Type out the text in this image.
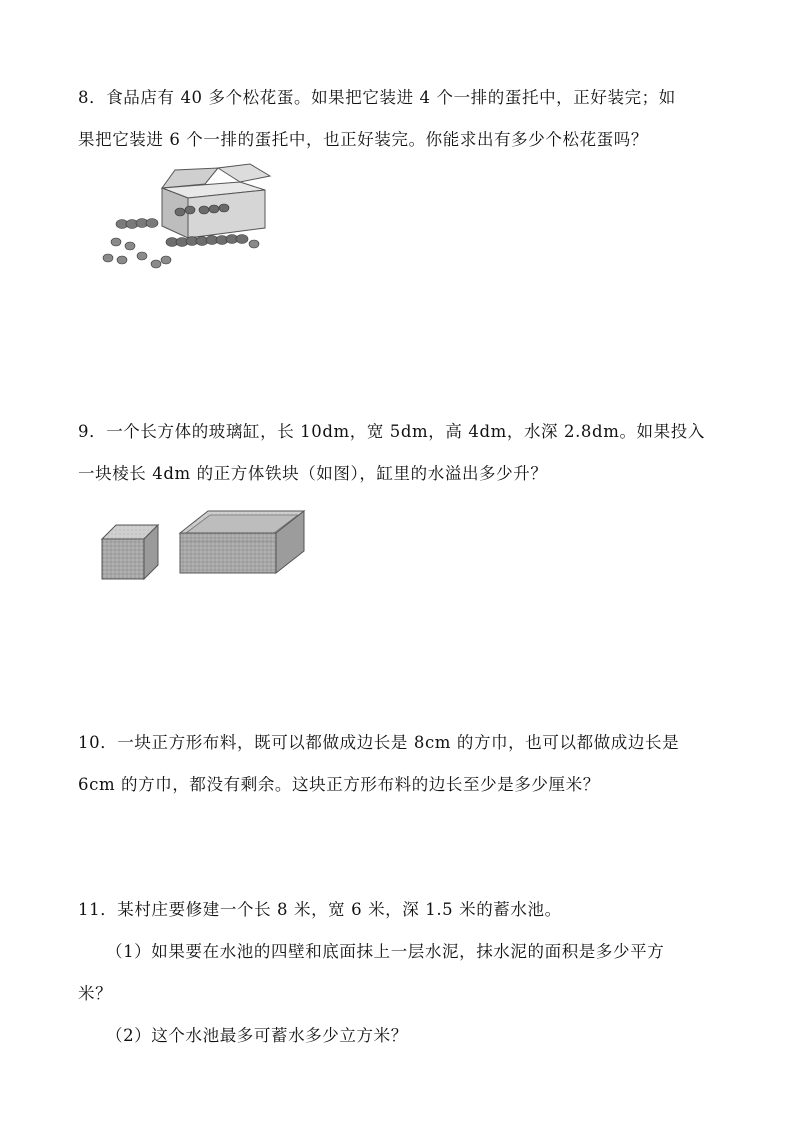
8．食品店有 40 多个松花蛋。如果把它装进 4 个一排的蛋托中，正好装完；如
果把它装进 6 个一排的蛋托中，也正好装完。你能求出有多少个松花蛋吗？
9．一个长方体的玻璃缸，长 10dm，宽 5dm，高 4dm，水深 2.8dm。如果投入
一块棱长 4dm 的正方体铁块（如图），缸里的水溢出多少升？
10．一块正方形布料，既可以都做成边长是 8cm 的方巾，也可以都做成边长是
6cm 的方巾，都没有剩余。这块正方形布料的边长至少是多少厘米？
11．某村庄要修建一个长 8 米，宽 6 米，深 1.5 米的蓄水池。
（1）如果要在水池的四壁和底面抹上一层水泥，抹水泥的面积是多少平方
米？
（2）这个水池最多可蓄水多少立方米？
